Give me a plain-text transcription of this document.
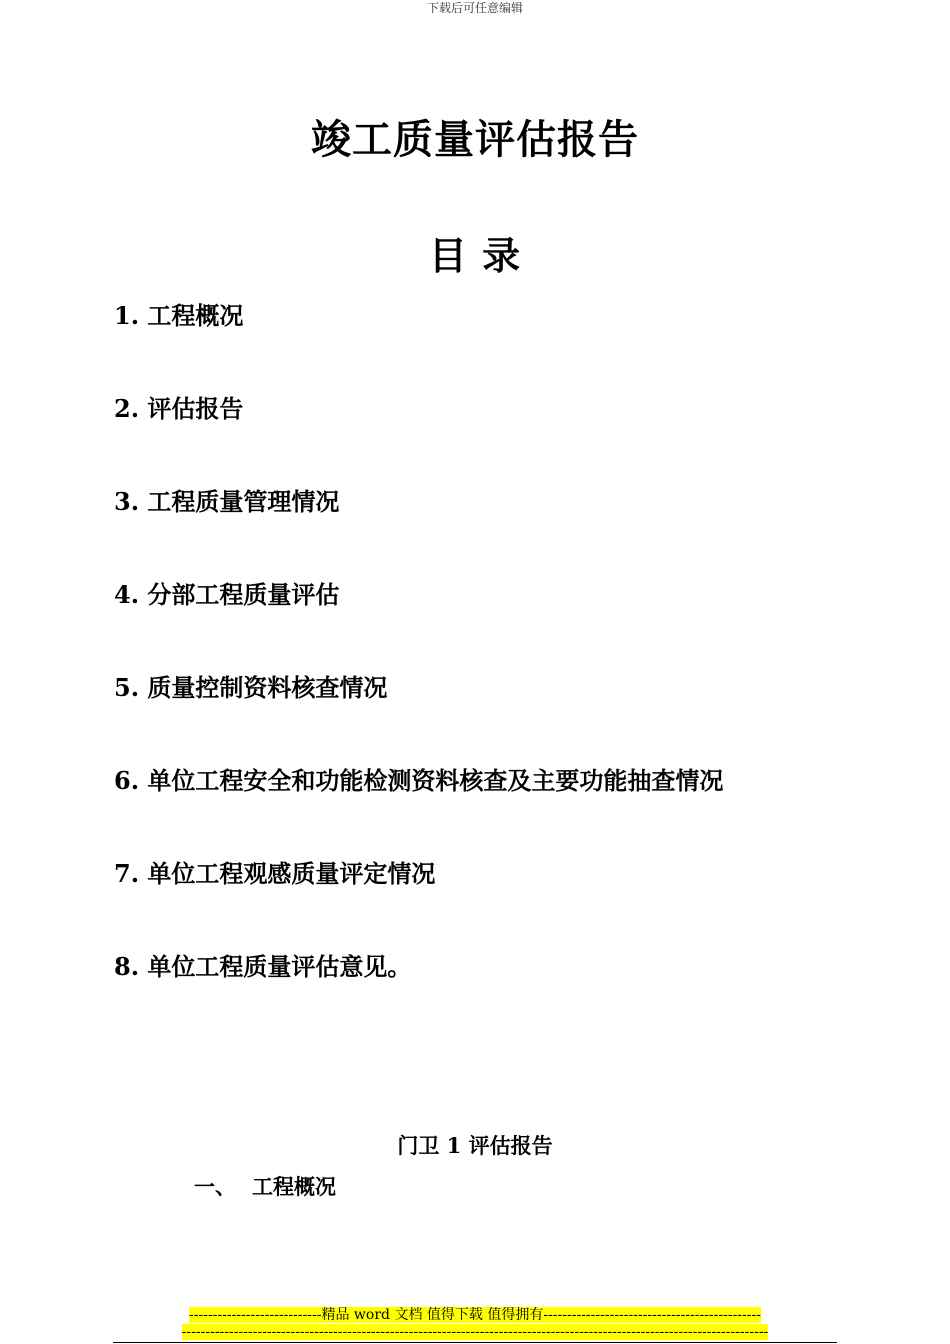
下载后可任意编辑
竣工质量评估报告
目 录
1. 工程概况
2. 评估报告
3. 工程质量管理情况
4. 分部工程质量评估
5. 质量控制资料核查情况
6. 单位工程安全和功能检测资料核查及主要功能抽查情况
7. 单位工程观感质量评定情况
8. 单位工程质量评估意见。
门卫 1 评估报告
一、 工程概况
----------------------------精品 word 文档 值得下载 值得拥有----------------------------------------------
----------------------------------------------------------------------------------------------------------------------------
